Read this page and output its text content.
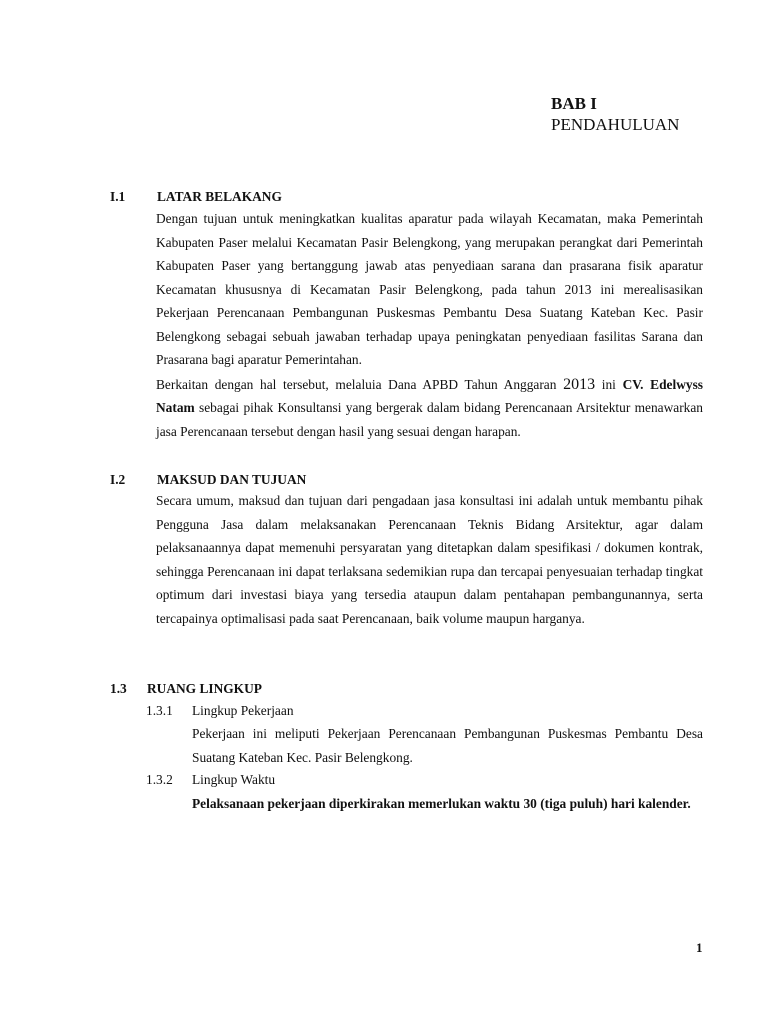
BAB I
PENDAHULUAN
I.1 LATAR BELAKANG

Dengan tujuan untuk meningkatkan kualitas aparatur pada wilayah Kecamatan, maka Pemerintah Kabupaten Paser melalui Kecamatan Pasir Belengkong, yang merupakan perangkat dari Pemerintah Kabupaten Paser yang bertanggung jawab atas penyediaan sarana dan prasarana fisik aparatur Kecamatan khususnya di Kecamatan Pasir Belengkong, pada tahun 2013 ini merealisasikan Pekerjaan Perencanaan Pembangunan Puskesmas Pembantu Desa Suatang Kateban Kec. Pasir Belengkong sebagai sebuah jawaban terhadap upaya peningkatan penyediaan fasilitas Sarana dan Prasarana bagi aparatur Pemerintahan.

Berkaitan dengan hal tersebut, melaluia Dana APBD Tahun Anggaran 2013 ini CV. Edelwyss Natam sebagai pihak Konsultansi yang bergerak dalam bidang Perencanaan Arsitektur menawarkan jasa Perencanaan tersebut dengan hasil yang sesuai dengan harapan.

I.2 MAKSUD DAN TUJUAN

Secara umum, maksud dan tujuan dari pengadaan jasa konsultasi ini adalah untuk membantu pihak Pengguna Jasa dalam melaksanakan Perencanaan Teknis Bidang Arsitektur, agar dalam pelaksanaannya dapat memenuhi persyaratan yang ditetapkan dalam spesifikasi / dokumen kontrak, sehingga Perencanaan ini dapat terlaksana sedemikian rupa dan tercapai penyesuaian terhadap tingkat optimum dari investasi biaya yang tersedia ataupun dalam pentahapan pembangunannya, serta tercapainya optimalisasi pada saat Perencanaan, baik volume maupun harganya.

1.3 RUANG LINGKUP
1.3.1 Lingkup Pekerjaan

Pekerjaan ini meliputi Pekerjaan Perencanaan Pembangunan Puskesmas Pembantu Desa Suatang Kateban Kec. Pasir Belengkong.

1.3.2 Lingkup Waktu

Pelaksanaan pekerjaan diperkirakan memerlukan waktu 30 (tiga puluh) hari kalender.

1
